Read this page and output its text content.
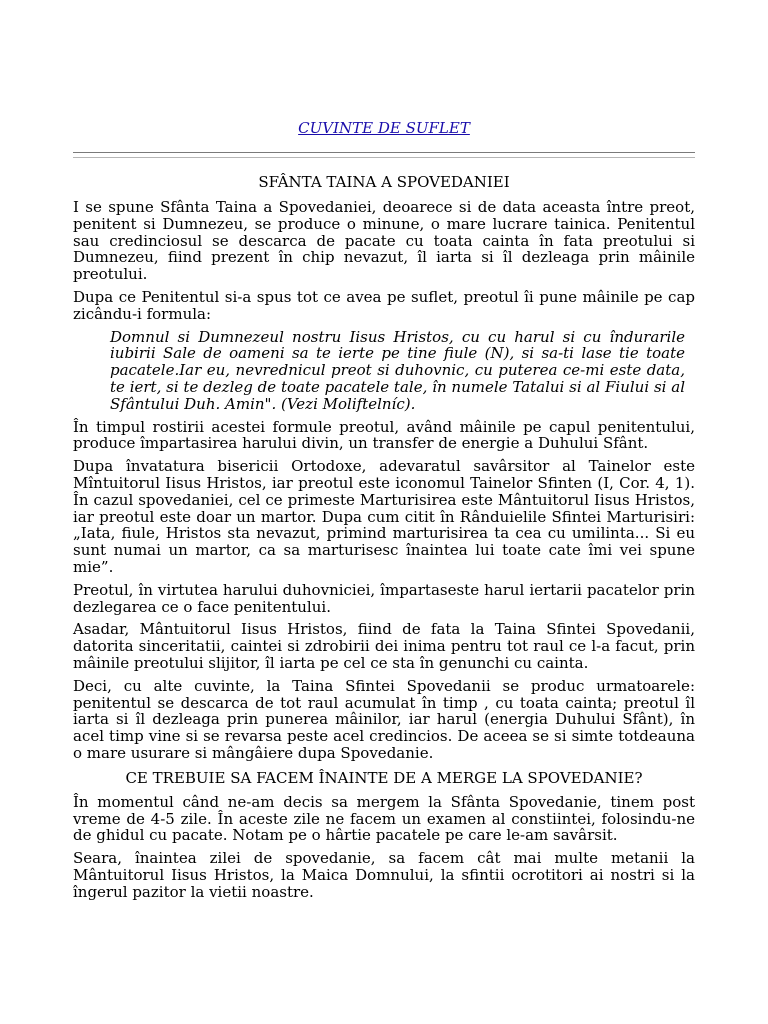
CUVINTE DE SUFLET

SFÂNTA TAINA A SPOVEDANIEI

I se spune Sfânta Taina a Spovedaniei, deoarece si de data aceasta între preot, penitent si Dumnezeu, se produce o minune, o mare lucrare tainica. Penitentul sau credinciosul se descarca de pacate cu toata cainta în fata preotului si Dumnezeu, fiind prezent în chip nevazut, îl iarta si îl dezleaga prin mâinile preotului.

Dupa ce Penitentul si-a spus tot ce avea pe suflet, preotul îi pune mâinile pe cap zicându-i formula:

Domnul si Dumnezeul nostru Iisus Hristos, cu cu harul si cu îndurarile iubirii Sale de oameni sa te ierte pe tine fiule (N), si sa-ti lase tie toate pacatele.Iar eu, nevrednicul preot si duhovnic, cu puterea ce-mi este data, te iert, si te dezleg de toate pacatele tale, în numele Tatalui si al Fiului si al Sfântului Duh. Amin". (Vezi Moliftelníc).

În timpul rostirii acestei formule preotul, având mâinile pe capul penitentului, produce împartasirea harului divin, un transfer de energie a Duhului Sfânt.

Dupa învatatura bisericii Ortodoxe, adevaratul savârsitor al Tainelor este Mîntuitorul Iisus Hristos, iar preotul este iconomul Tainelor Sfinten (I, Cor. 4, 1). În cazul spovedaniei, cel ce primeste Marturisirea este Mântuitorul Iisus Hristos, iar preotul este doar un martor. Dupa cum citit în Rânduielile Sfintei Marturisiri: „Iata, fiule, Hristos sta nevazut, primind marturisirea ta cea cu umilinta... Si eu sunt numai un martor, ca sa marturisesc înaintea lui toate cate îmi vei spune mie”.

Preotul, în virtutea harului duhovniciei, împartaseste harul iertarii pacatelor prin dezlegarea ce o face penitentului.

Asadar, Mântuitorul Iisus Hristos, fiind de fata la Taina Sfintei Spovedanii, datorita sinceritatii, caintei si zdrobirii dei inima pentru tot raul ce l-a facut, prin mâinile preotului slijitor, îl iarta pe cel ce sta în genunchi cu cainta.

Deci, cu alte cuvinte, la Taina Sfintei Spovedanii se produc urmatoarele: penitentul se descarca de tot raul acumulat în timp , cu toata cainta; preotul îl iarta si îl dezleaga prin punerea mâinilor, iar harul (energia Duhului Sfânt), în acel timp vine si se revarsa peste acel credincios. De aceea se si simte totdeauna o mare usurare si mângâiere dupa Spovedanie.

CE TREBUIE SA FACEM ÎNAINTE DE A MERGE LA SPOVEDANIE?

În momentul când ne-am decis sa mergem la Sfânta Spovedanie, tinem post vreme de 4-5 zile. În aceste zile ne facem un examen al constiintei, folosindu-ne de ghidul cu pacate. Notam pe o hârtie pacatele pe care le-am savârsit.

Seara, înaintea zilei de spovedanie, sa facem cât mai multe metanii la Mântuitorul Iisus Hristos, la Maica Domnului, la sfintii ocrotitori ai nostri si la îngerul pazitor la vietii noastre.
